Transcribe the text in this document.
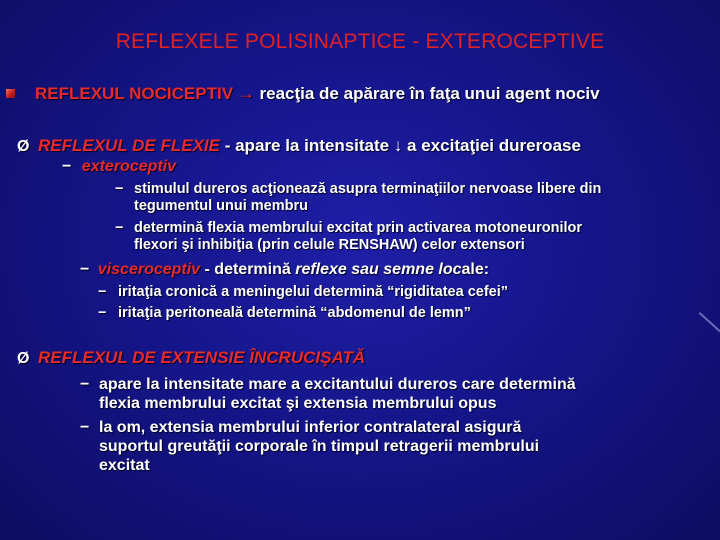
REFLEXELE POLISINAPTICE - EXTEROCEPTIVE
REFLEXUL NOCICEPTIV → reacţia de apărare în faţa unui agent nociv
Ø REFLEXUL DE FLEXIE - apare la intensitate ↓ a excitaţiei dureroase
− exteroceptiv
− stimulul dureros acţionează asupra terminaţiilor nervoase libere din
tegumentul unui membru
− determină flexia membrului excitat prin activarea motoneuronilor
flexori şi inhibiţia (prin celule RENSHAW) celor extensori
− visceroceptiv - determină reflexe sau semne locale:
− iritaţia cronică a meningelui determină “rigiditatea cefei”
− iritaţia peritoneală determină “abdomenul de lemn”
Ø REFLEXUL DE EXTENSIE ÎNCRUCIŞATĂ
− apare la intensitate mare a excitantului dureros care determină
flexia membrului excitat şi extensia membrului opus
− la om, extensia membrului inferior contralateral asigură
suportul greutăţii corporale în timpul retragerii membrului
excitat
